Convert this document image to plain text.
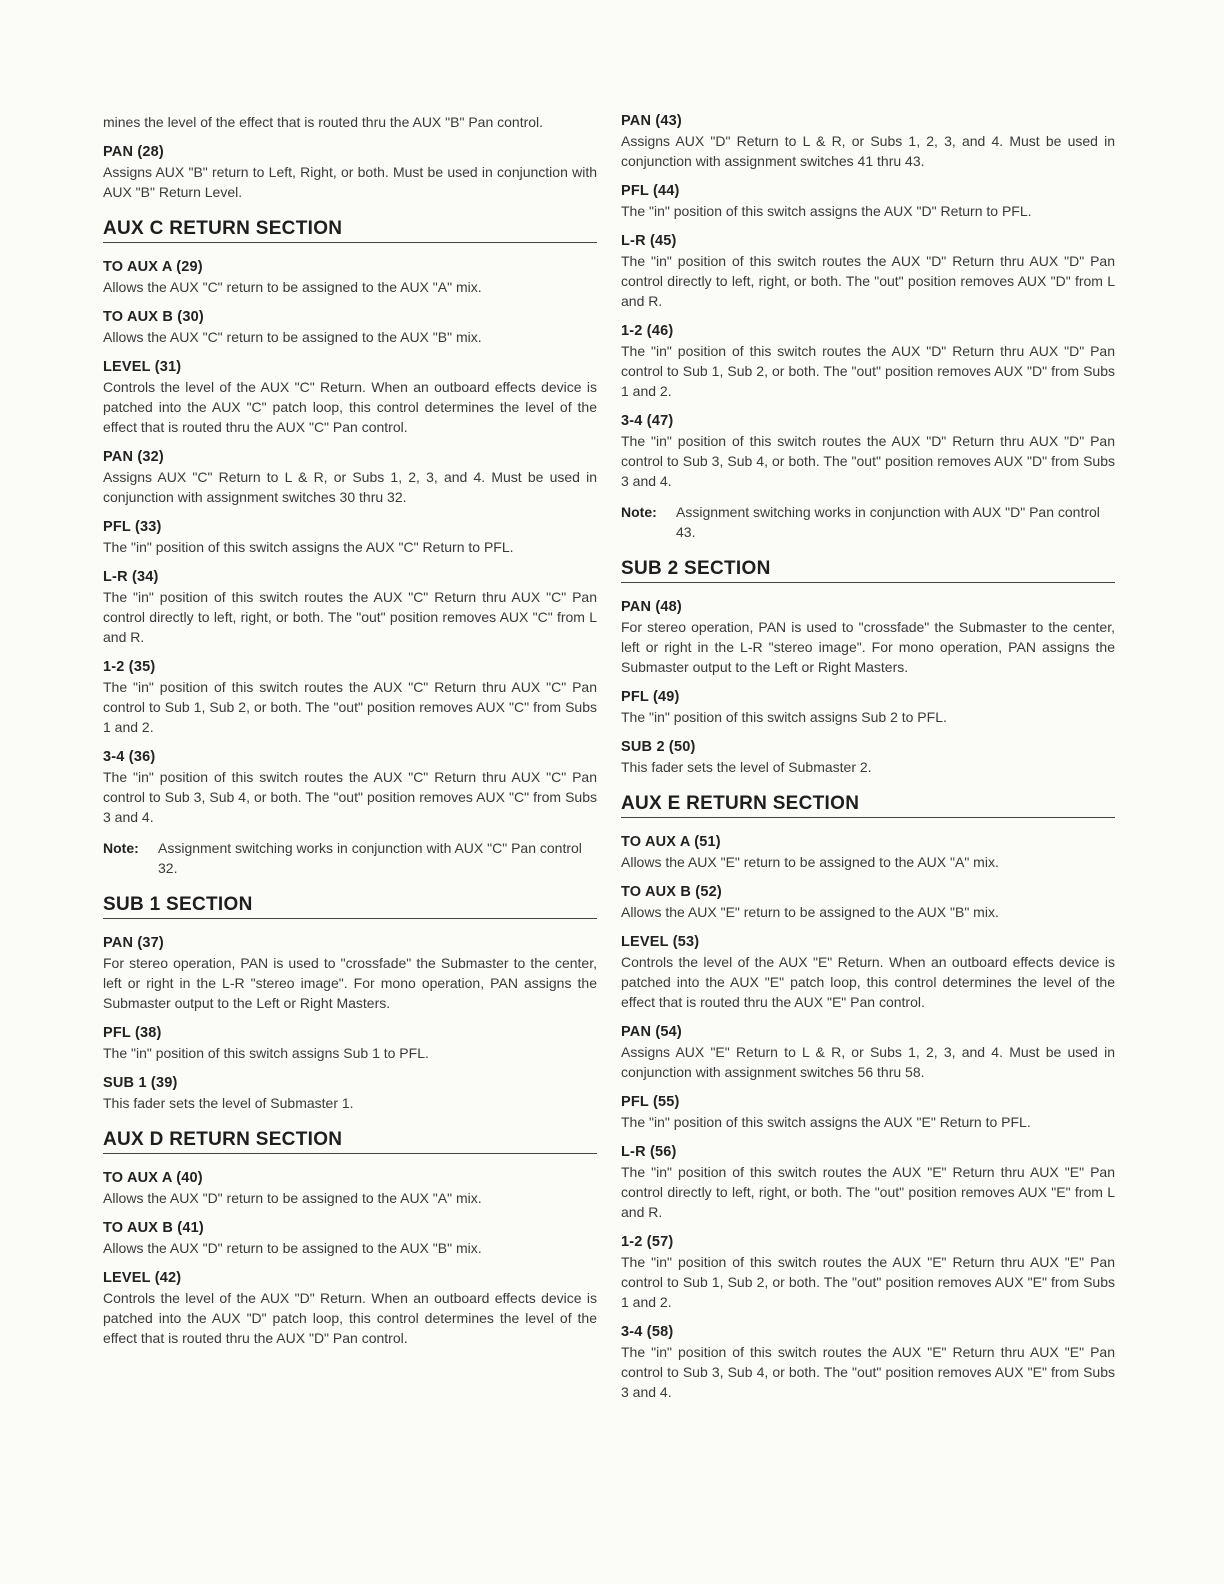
mines the level of the effect that is routed thru the AUX "B" Pan control.

PAN (28)

Assigns AUX "B" return to Left, Right, or both. Must be used in conjunction with AUX "B" Return Level.

AUX C RETURN SECTION
TO AUX A (29)

Allows the AUX "C" return to be assigned to the AUX "A" mix.

TO AUX B (30)

Allows the AUX "C" return to be assigned to the AUX "B" mix.

LEVEL (31)

Controls the level of the AUX "C" Return. When an outboard effects device is patched into the AUX "C" patch loop, this control determines the level of the effect that is routed thru the AUX "C" Pan control.

PAN (32)

Assigns AUX "C" Return to L & R, or Subs 1, 2, 3, and 4. Must be used in conjunction with assignment switches 30 thru 32.

PFL (33)

The "in" position of this switch assigns the AUX "C" Return to PFL.

L-R (34)

The "in" position of this switch routes the AUX "C" Return thru AUX "C" Pan control directly to left, right, or both. The "out" position removes AUX "C" from L and R.

1-2 (35)

The "in" position of this switch routes the AUX "C" Return thru AUX "C" Pan control to Sub 1, Sub 2, or both. The "out" position removes AUX "C" from Subs 1 and 2.

3-4 (36)

The "in" position of this switch routes the AUX "C" Return thru AUX "C" Pan control to Sub 3, Sub 4, or both. The "out" position removes AUX "C" from Subs 3 and 4.

Note:	Assignment switching works in conjunction with AUX "C" Pan control 32.
SUB 1 SECTION
PAN (37)

For stereo operation, PAN is used to "crossfade" the Submaster to the center, left or right in the L-R "stereo image". For mono operation, PAN assigns the Submaster output to the Left or Right Masters.

PFL (38)

The "in" position of this switch assigns Sub 1 to PFL.

SUB 1 (39)

This fader sets the level of Submaster 1.

AUX D RETURN SECTION
TO AUX A (40)

Allows the AUX "D" return to be assigned to the AUX "A" mix.

TO AUX B (41)

Allows the AUX "D" return to be assigned to the AUX "B" mix.

LEVEL (42)

Controls the level of the AUX "D" Return. When an outboard effects device is patched into the AUX "D" patch loop, this control determines the level of the effect that is routed thru the AUX "D" Pan control.

PAN (43)

Assigns AUX "D" Return to L & R, or Subs 1, 2, 3, and 4. Must be used in conjunction with assignment switches 41 thru 43.

PFL (44)

The "in" position of this switch assigns the AUX "D" Return to PFL.

L-R (45)

The "in" position of this switch routes the AUX "D" Return thru AUX "D" Pan control directly to left, right, or both. The "out" position removes AUX "D" from L and R.

1-2 (46)

The "in" position of this switch routes the AUX "D" Return thru AUX "D" Pan control to Sub 1, Sub 2, or both. The "out" position removes AUX "D" from Subs 1 and 2.

3-4 (47)

The "in" position of this switch routes the AUX "D" Return thru AUX "D" Pan control to Sub 3, Sub 4, or both. The "out" position removes AUX "D" from Subs 3 and 4.

Note:	Assignment switching works in conjunction with AUX "D" Pan control 43.
SUB 2 SECTION
PAN (48)

For stereo operation, PAN is used to "crossfade" the Submaster to the center, left or right in the L-R "stereo image". For mono operation, PAN assigns the Submaster output to the Left or Right Masters.

PFL (49)

The "in" position of this switch assigns Sub 2 to PFL.

SUB 2 (50)

This fader sets the level of Submaster 2.

AUX E RETURN SECTION
TO AUX A (51)

Allows the AUX "E" return to be assigned to the AUX "A" mix.

TO AUX B (52)

Allows the AUX "E" return to be assigned to the AUX "B" mix.

LEVEL (53)

Controls the level of the AUX "E" Return. When an outboard effects device is patched into the AUX "E" patch loop, this control determines the level of the effect that is routed thru the AUX "E" Pan control.

PAN (54)

Assigns AUX "E" Return to L & R, or Subs 1, 2, 3, and 4. Must be used in conjunction with assignment switches 56 thru 58.

PFL (55)

The "in" position of this switch assigns the AUX "E" Return to PFL.

L-R (56)

The "in" position of this switch routes the AUX "E" Return thru AUX "E" Pan control directly to left, right, or both. The "out" position removes AUX "E" from L and R.

1-2 (57)

The "in" position of this switch routes the AUX "E" Return thru AUX "E" Pan control to Sub 1, Sub 2, or both. The "out" position removes AUX "E" from Subs 1 and 2.

3-4 (58)

The "in" position of this switch routes the AUX "E" Return thru AUX "E" Pan control to Sub 3, Sub 4, or both. The "out" position removes AUX "E" from Subs 3 and 4.
